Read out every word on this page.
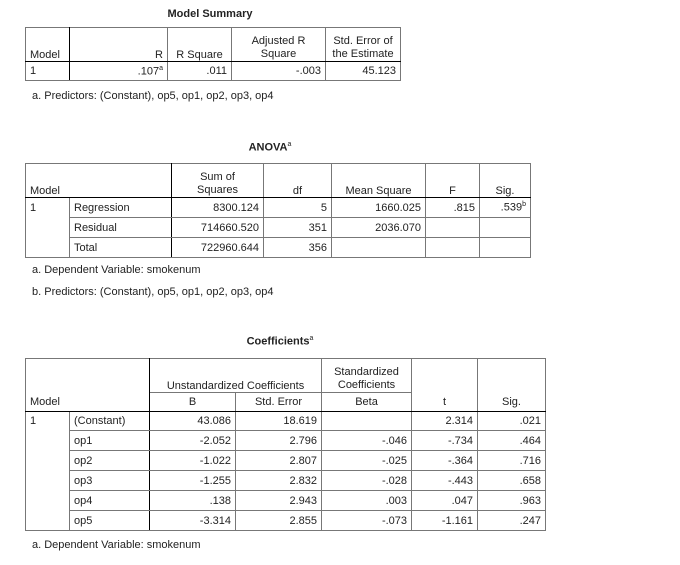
Model Summary
Model	R	R Square	Adjusted R
Square	Std. Error of
the Estimate
1	.107$^a$	.011	-.003	45.123
a. Predictors: (Constant), op5, op1, op2, op3, op4
ANOVA$^a$
Model		Sum of
Squares	df	Mean Square	F	Sig.
1	Regression	8300.124	5	1660.025	.815	.539$^b$
	Residual	714660.520	351	2036.070		
	Total	722960.644	356			
a. Dependent Variable: smokenum
b. Predictors: (Constant), op5, op1, op2, op3, op4
Coefficients$^a$
		Unstandardized Coefficients		Standardized
Coefficients		
Model		B	Std. Error	Beta	t	Sig.
1	(Constant)	43.086	18.619		2.314	.021
	op1	-2.052	2.796	-.046	-.734	.464
	op2	-1.022	2.807	-.025	-.364	.716
	op3	-1.255	2.832	-.028	-.443	.658
	op4	.138	2.943	.003	.047	.963
	op5	-3.314	2.855	-.073	-1.161	.247
a. Dependent Variable: smokenum
